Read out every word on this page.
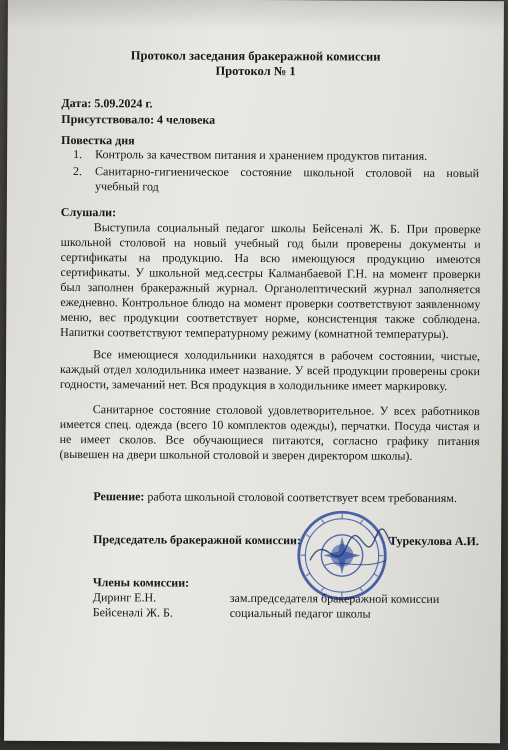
Протокол заседания бракеражной комиссии
Протокол № 1
Дата: 5.09.2024 г.
Присутствовало: 4 человека
Повестка дня
1.	Контроль за качеством питания и хранением продуктов питания.
2.	Санитарно-гигиеническое состояние школьной столовой на новый учебный год
Слушали:
Выступила социальный педагог школы Бейсенәлі Ж. Б. При проверке школьной столовой на новый учебный год были проверены документы и сертификаты на продукцию. На всю имеющуюся продукцию имеются сертификаты. У школьной мед.сестры Калманбаевой Г.Н. на момент проверки был заполнен бракеражный журнал. Органолептический журнал заполняется ежедневно. Контрольное блюдо на момент проверки соответствуют заявленному меню, вес продукции соответствует норме, консистенция также соблюдена. Напитки соответствуют температурному режиму (комнатной температуры).
Все имеющиеся холодильники находятся в рабочем состоянии, чистые, каждый отдел холодильника имеет название. У всей продукции проверены сроки годности, замечаний нет. Вся продукция в холодильнике имеет маркировку.
Санитарное состояние столовой удовлетворительное. У всех работников имеется спец. одежда (всего 10 комплектов одежды), перчатки. Посуда чистая и не имеет сколов. Все обучающиеся питаются, согласно графику питания (вывешен на двери школьной столовой и зверен директором школы).
Решение: работа школьной столовой соответствует всем требованиям.
Председатель бракеражной комиссии:	Турекулова А.И.
Члены комиссии:
Диринг Е.Н.	зам.председателя бракеражной комиссии
Бейсенәлі Ж. Б.	социальный педагог школы
